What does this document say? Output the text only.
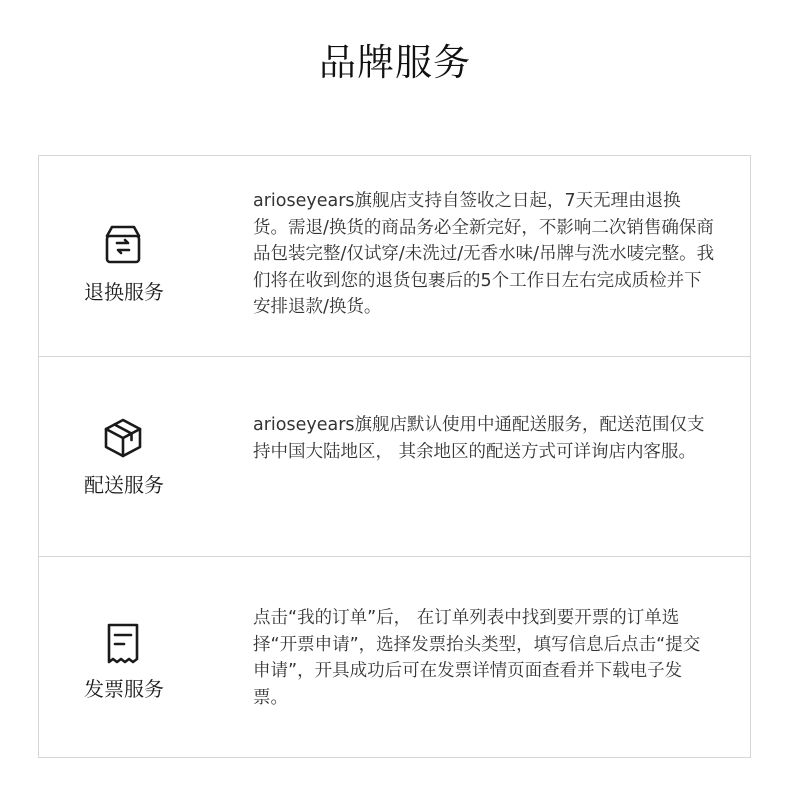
品牌服务
退换服务

arioseyears旗舰店支持自签收之日起，7天无理由退换货。需退/换货的商品务必全新完好，不影响二次销售确保商品包装完整/仅试穿/未洗过/无香水味/吊牌与洗水唛完整。我们将在收到您的退货包裹后的5个工作日左右完成质检并下安排退款/换货。

配送服务

arioseyears旗舰店默认使用中通配送服务，配送范围仅支持中国大陆地区， 其余地区的配送方式可详询店内客服。

发票服务

点击“我的订单”后， 在订单列表中找到要开票的订单选择“开票申请”，选择发票抬头类型，填写信息后点击“提交申请”，开具成功后可在发票详情页面查看并下载电子发票。
